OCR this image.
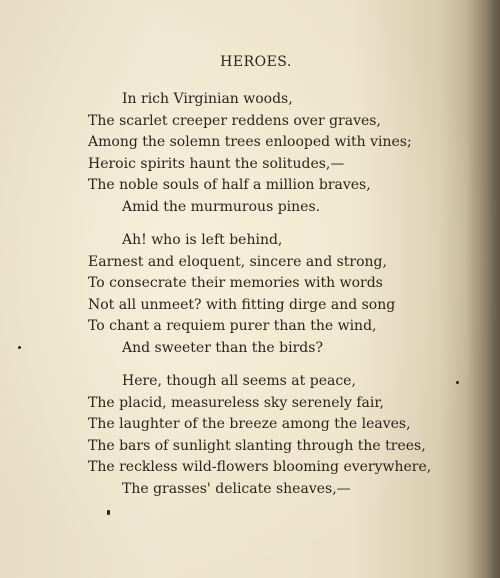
HEROES.
In rich Virginian woods,
The scarlet creeper reddens over graves,
Among the solemn trees enlooped with vines;
Heroic spirits haunt the solitudes,—
The noble souls of half a million braves,
Amid the murmurous pines.
Ah! who is left behind,
Earnest and eloquent, sincere and strong,
To consecrate their memories with words
Not all unmeet? with fitting dirge and song
To chant a requiem purer than the wind,
And sweeter than the birds?
Here, though all seems at peace,
The placid, measureless sky serenely fair,
The laughter of the breeze among the leaves,
The bars of sunlight slanting through the trees,
The reckless wild-flowers blooming everywhere,
The grasses' delicate sheaves,—
